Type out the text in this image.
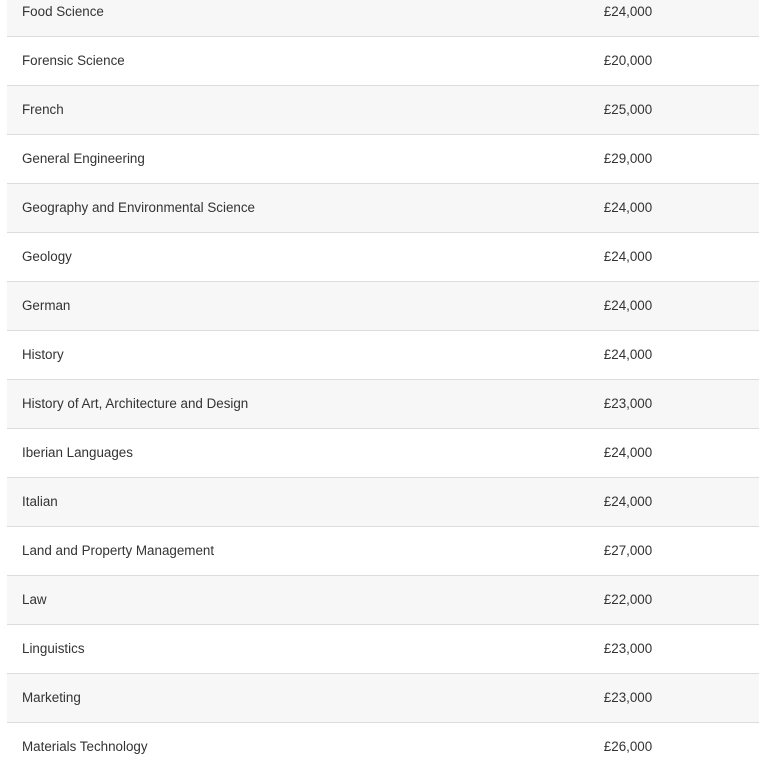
Food Science	£24,000
Forensic Science	£20,000
French	£25,000
General Engineering	£29,000
Geography and Environmental Science	£24,000
Geology	£24,000
German	£24,000
History	£24,000
History of Art, Architecture and Design	£23,000
Iberian Languages	£24,000
Italian	£24,000
Land and Property Management	£27,000
Law	£22,000
Linguistics	£23,000
Marketing	£23,000
Materials Technology	£26,000
